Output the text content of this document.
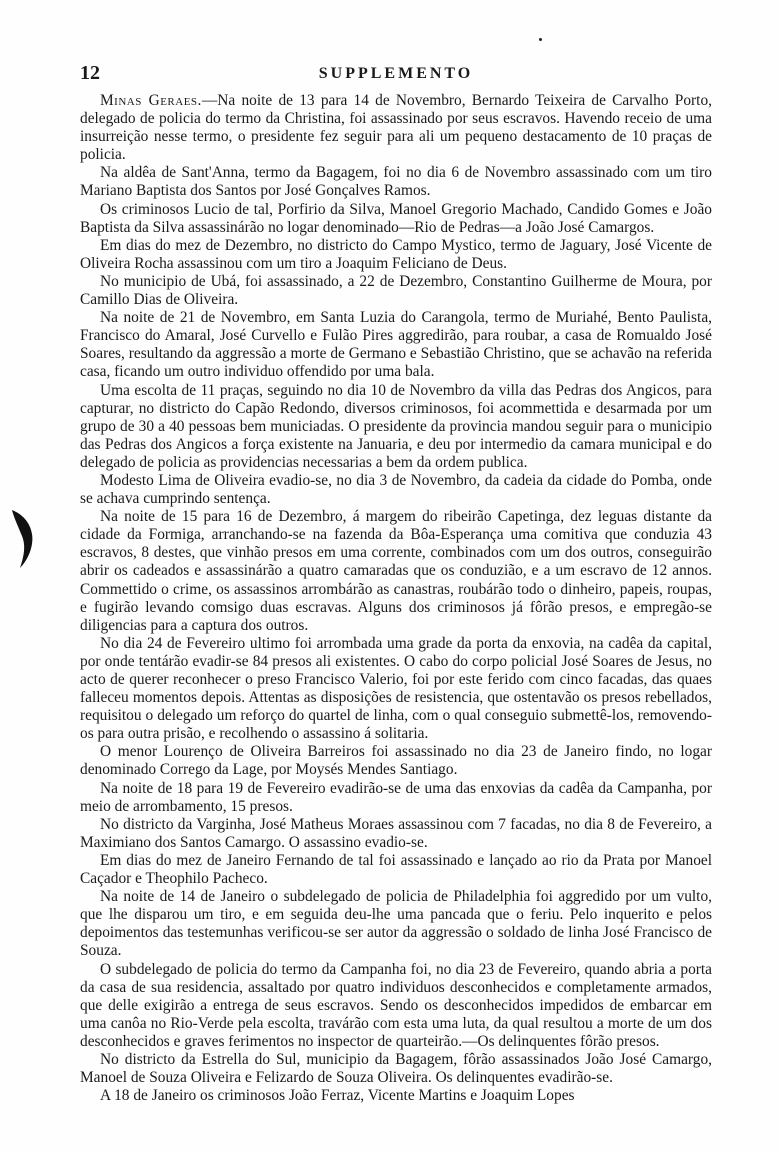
12	SUPPLEMENTO

Minas Geraes.—Na noite de 13 para 14 de Novembro, Bernardo Teixeira de Carvalho Porto, delegado de policia do termo da Christina, foi assassinado por seus escravos. Havendo receio de uma insurreição nesse termo, o presidente fez seguir para ali um pequeno destacamento de 10 praças de policia.

Na aldêa de Sant'Anna, termo da Bagagem, foi no dia 6 de Novembro assassinado com um tiro Mariano Baptista dos Santos por José Gonçalves Ramos.

Os criminosos Lucio de tal, Porfirio da Silva, Manoel Gregorio Machado, Candido Gomes e João Baptista da Silva assassinárão no logar denominado—Rio de Pedras—a João José Camargos.

Em dias do mez de Dezembro, no districto do Campo Mystico, termo de Jaguary, José Vicente de Oliveira Rocha assassinou com um tiro a Joaquim Feliciano de Deus.

No municipio de Ubá, foi assassinado, a 22 de Dezembro, Constantino Guilherme de Moura, por Camillo Dias de Oliveira.

Na noite de 21 de Novembro, em Santa Luzia do Carangola, termo de Muriahé, Bento Paulista, Francisco do Amaral, José Curvello e Fulão Pires aggredirão, para roubar, a casa de Romualdo José Soares, resultando da aggressão a morte de Germano e Sebastião Christino, que se achavão na referida casa, ficando um outro individuo offendido por uma bala.

Uma escolta de 11 praças, seguindo no dia 10 de Novembro da villa das Pedras dos Angicos, para capturar, no districto do Capão Redondo, diversos criminosos, foi acommettida e desarmada por um grupo de 30 a 40 pessoas bem municiadas. O presidente da provincia mandou seguir para o municipio das Pedras dos Angicos a força existente na Januaria, e deu por intermedio da camara municipal e do delegado de policia as providencias necessarias a bem da ordem publica.

Modesto Lima de Oliveira evadio-se, no dia 3 de Novembro, da cadeia da cidade do Pomba, onde se achava cumprindo sentença.

Na noite de 15 para 16 de Dezembro, á margem do ribeirão Capetinga, dez leguas distante da cidade da Formiga, arranchando-se na fazenda da Bôa-Esperança uma comitiva que conduzia 43 escravos, 8 destes, que vinhão presos em uma corrente, combinados com um dos outros, conseguirão abrir os cadeados e assassinárão a quatro camaradas que os conduzião, e a um escravo de 12 annos. Commettido o crime, os assassinos arrombárão as canastras, roubárão todo o dinheiro, papeis, roupas, e fugirão levando comsigo duas escravas. Alguns dos criminosos já fôrão presos, e empregão-se diligencias para a captura dos outros.

No dia 24 de Fevereiro ultimo foi arrombada uma grade da porta da enxovia, na cadêa da capital, por onde tentárão evadir-se 84 presos ali existentes. O cabo do corpo policial José Soares de Jesus, no acto de querer reconhecer o preso Francisco Valerio, foi por este ferido com cinco facadas, das quaes falleceu momentos depois. Attentas as disposições de resistencia, que ostentavão os presos rebellados, requisitou o delegado um reforço do quartel de linha, com o qual conseguio submettê-los, removendo-os para outra prisão, e recolhendo o assassino á solitaria.

O menor Lourenço de Oliveira Barreiros foi assassinado no dia 23 de Janeiro findo, no logar denominado Corrego da Lage, por Moysés Mendes Santiago.

Na noite de 18 para 19 de Fevereiro evadirão-se de uma das enxovias da cadêa da Campanha, por meio de arrombamento, 15 presos.

No districto da Varginha, José Matheus Moraes assassinou com 7 facadas, no dia 8 de Fevereiro, a Maximiano dos Santos Camargo. O assassino evadio-se.

Em dias do mez de Janeiro Fernando de tal foi assassinado e lançado ao rio da Prata por Manoel Caçador e Theophilo Pacheco.

Na noite de 14 de Janeiro o subdelegado de policia de Philadelphia foi aggredido por um vulto, que lhe disparou um tiro, e em seguida deu-lhe uma pancada que o feriu. Pelo inquerito e pelos depoimentos das testemunhas verificou-se ser autor da aggressão o soldado de linha José Francisco de Souza.

O subdelegado de policia do termo da Campanha foi, no dia 23 de Fevereiro, quando abria a porta da casa de sua residencia, assaltado por quatro individuos desconhecidos e completamente armados, que delle exigirão a entrega de seus escravos. Sendo os desconhecidos impedidos de embarcar em uma canôa no Rio-Verde pela escolta, travárão com esta uma luta, da qual resultou a morte de um dos desconhecidos e graves ferimentos no inspector de quarteirão.—Os delinquentes fôrão presos.

No districto da Estrella do Sul, municipio da Bagagem, fôrão assassinados João José Camargo, Manoel de Souza Oliveira e Felizardo de Souza Oliveira. Os delinquentes evadirão-se.

A 18 de Janeiro os criminosos João Ferraz, Vicente Martins e Joaquim Lopes
